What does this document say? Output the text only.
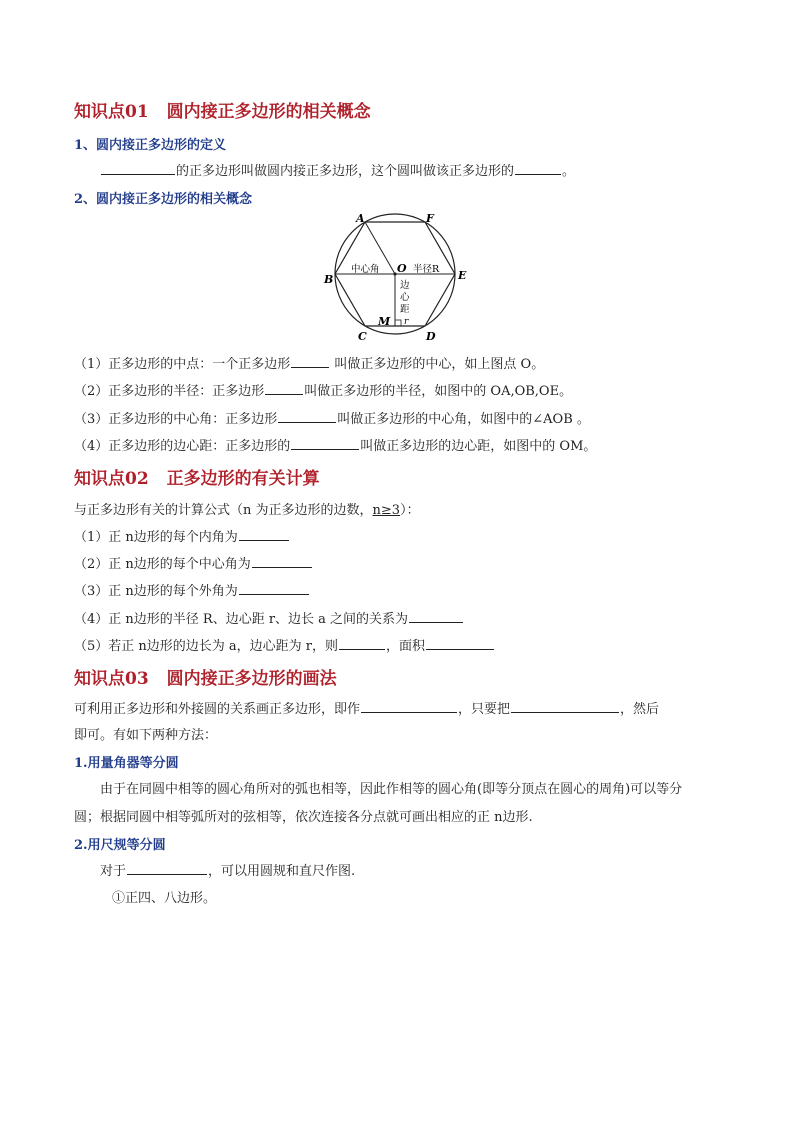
知识点01 圆内接正多边形的相关概念
1、圆内接正多边形的定义
的正多边形叫做圆内接正多边形，这个圆叫做该正多边形的	。
2、圆内接正多边形的相关概念
A	F
B	E
C	D
O
M
中心角	半径R
边
心
距
r
（1）正多边形的中点：一个正多边形	叫做正多边形的中心，如上图点 O。
（2）正多边形的半径：正多边形	叫做正多边形的半径，如图中的 OA,OB,OE。
（3）正多边形的中心角：正多边形	叫做正多边形的中心角，如图中的∠AOB 。
（4）正多边形的边心距：正多边形的	叫做正多边形的边心距，如图中的 OM。
知识点02 正多边形的有关计算
与正多边形有关的计算公式（n 为正多边形的边数，n≥3）：
（1）正 n边形的每个内角为
（2）正 n边形的每个中心角为
（3）正 n边形的每个外角为
（4）正 n边形的半径 R、边心距 r、边长 a 之间的关系为
（5）若正 n边形的边长为 a，边心距为 r，则	，面积
知识点03 圆内接正多边形的画法
可利用正多边形和外接圆的关系画正多边形，即作	，只要把	，然后
即可。有如下两种方法：
1.用量角器等分圆
由于在同圆中相等的圆心角所对的弧也相等，因此作相等的圆心角(即等分顶点在圆心的周角)可以等分
圆；根据同圆中相等弧所对的弦相等，依次连接各分点就可画出相应的正 n边形.
2.用尺规等分圆
对于	，可以用圆规和直尺作图.
①正四、八边形。
